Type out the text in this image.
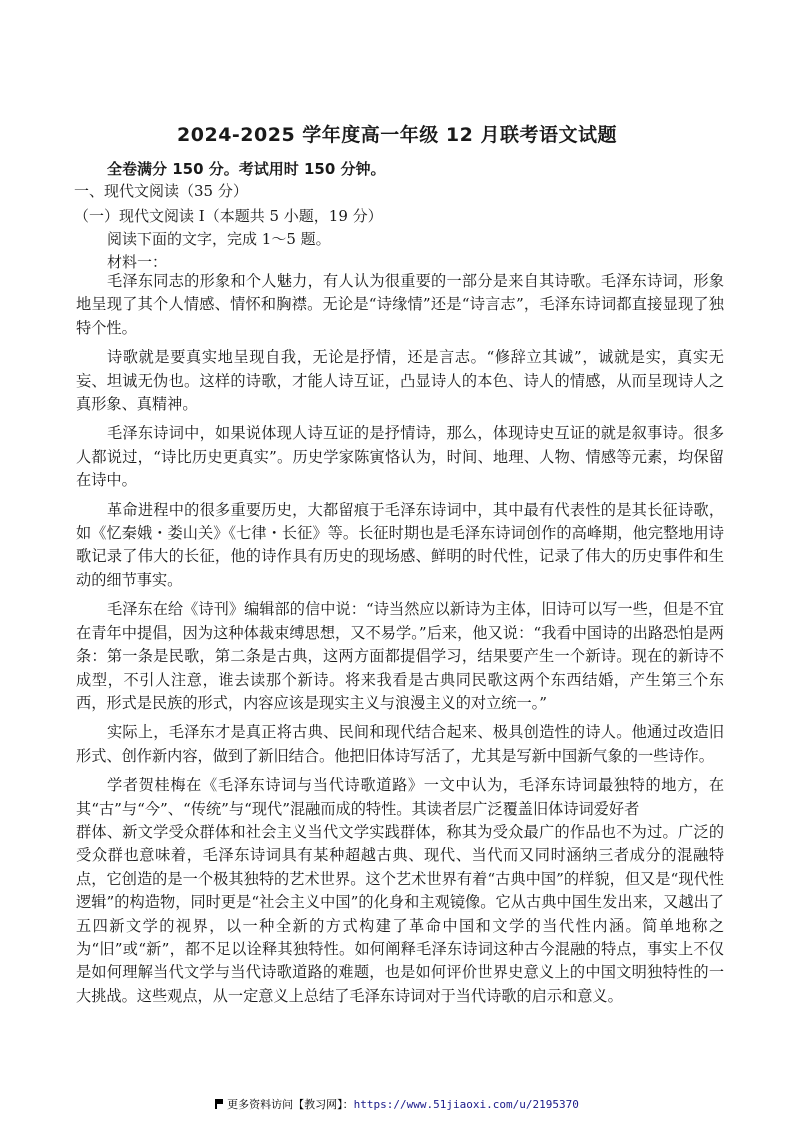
2024-2025 学年度高一年级 12 月联考语文试题
全卷满分 150 分。考试用时 150 分钟。
一、现代文阅读（35 分）
（一）现代文阅读 I（本题共 5 小题，19 分）
阅读下面的文字，完成 1～5 题。
材料一：

毛泽东同志的形象和个人魅力，有人认为很重要的一部分是来自其诗歌。毛泽东诗词，形象地呈现了其个人情感、情怀和胸襟。无论是“诗缘情”还是“诗言志”，毛泽东诗词都直接显现了独特个性。

诗歌就是要真实地呈现自我，无论是抒情，还是言志。“修辞立其诚”，诚就是实，真实无妄、坦诚无伪也。这样的诗歌，才能人诗互证，凸显诗人的本色、诗人的情感，从而呈现诗人之真形象、真精神。

毛泽东诗词中，如果说体现人诗互证的是抒情诗，那么，体现诗史互证的就是叙事诗。很多人都说过，“诗比历史更真实”。历史学家陈寅恪认为，时间、地理、人物、情感等元素，均保留在诗中。

革命进程中的很多重要历史，大都留痕于毛泽东诗词中，其中最有代表性的是其长征诗歌，如《忆秦娥・娄山关》《七律・长征》等。长征时期也是毛泽东诗词创作的高峰期，他完整地用诗歌记录了伟大的长征，他的诗作具有历史的现场感、鲜明的时代性，记录了伟大的历史事件和生动的细节事实。

毛泽东在给《诗刊》编辑部的信中说：“诗当然应以新诗为主体，旧诗可以写一些，但是不宜在青年中提倡，因为这种体裁束缚思想，又不易学。”后来，他又说：“我看中国诗的出路恐怕是两条：第一条是民歌，第二条是古典，这两方面都提倡学习，结果要产生一个新诗。现在的新诗不成型，不引人注意，谁去读那个新诗。将来我看是古典同民歌这两个东西结婚，产生第三个东西，形式是民族的形式，内容应该是现实主义与浪漫主义的对立统一。”

实际上，毛泽东才是真正将古典、民间和现代结合起来、极具创造性的诗人。他通过改造旧形式、创作新内容，做到了新旧结合。他把旧体诗写活了，尤其是写新中国新气象的一些诗作。

学者贺桂梅在《毛泽东诗词与当代诗歌道路》一文中认为，毛泽东诗词最独特的地方，在其“古”与“今”、“传统”与“现代”混融而成的特性。其读者层广泛覆盖旧体诗词爱好者

群体、新文学受众群体和社会主义当代文学实践群体，称其为受众最广的作品也不为过。广泛的受众群也意味着，毛泽东诗词具有某种超越古典、现代、当代而又同时涵纳三者成分的混融特点，它创造的是一个极其独特的艺术世界。这个艺术世界有着“古典中国”的样貌，但又是“现代性逻辑”的构造物，同时更是“社会主义中国”的化身和主观镜像。它从古典中国生发出来，又越出了五四新文学的视界，以一种全新的方式构建了革命中国和文学的当代性内涵。简单地称之为“旧”或“新”，都不足以诠释其独特性。如何阐释毛泽东诗词这种古今混融的特点，事实上不仅是如何理解当代文学与当代诗歌道路的难题，也是如何评价世界史意义上的中国文明独特性的一大挑战。这些观点，从一定意义上总结了毛泽东诗词对于当代诗歌的启示和意义。

更多资料访问【教习网】：https://www.51jiaoxi.com/u/2195370
